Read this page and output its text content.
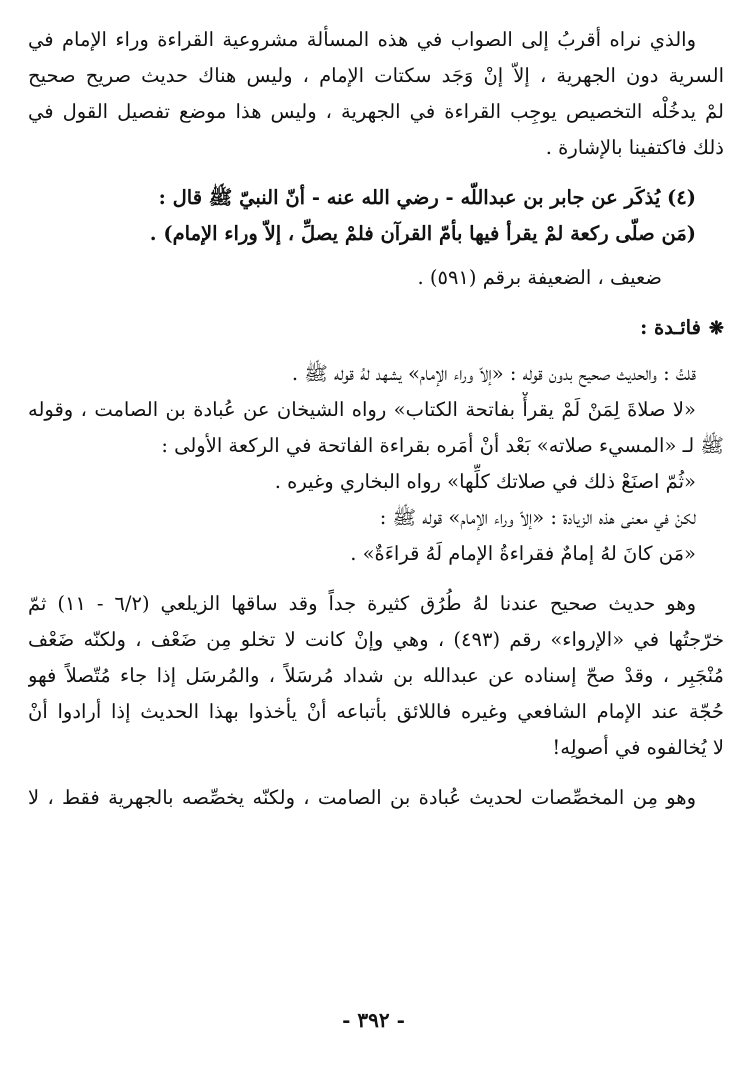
والذي نراه أقربُ إلى الصواب في هذه المسألة مشروعية القراءة وراء الإمام في
السرية دون الجهرية ، إلاّ إنْ وَجَد سكتات الإمام ، وليس هناك حديث صريح صحيح
لمْ يدخُلْه التخصيص يوجِب القراءة في الجهرية ، وليس هذا موضع تفصيل القول في
ذلك فاكتفينا بالإشارة .
(٤) يُذكَر عن جابر بن عبداللّه - رضي الله عنه - أنّ النبيّ ﷺ قال :
(مَن صلّى ركعة لمْ يقرأ فيها بأمّ القرآن فلمْ يصلِّ ، إلاّ وراء الإمام) .
ضعيف ، الضعيفة برقم (٥٩١) .
❋فائـدة :
قلتُ : والحديث صحيح بدون قوله : «إلاّ وراء الإمام» يشهد لهُ قوله ﷺ .
«لا صلاةَ لِمَنْ لَمْ يقرأْ بفاتحة الكتاب» رواه الشيخان عن عُبادة بن الصامت ، وقوله
ﷺ لـ «المسيء صلاته» بَعْد أنْ أمَره بقراءة الفاتحة في الركعة الأولى :
«ثُمّ اصنَعْ ذلك في صلاتك كلِّها» رواه البخاري وغيره .
لكنْ في معنى هذه الزيادة : «إلاّ وراء الإمام» قوله ﷺ :
«مَن كانَ لهُ إمامٌ فقراءةُ الإمام لَهُ قراءَةٌ» .
وهو حديث صحيح عندنا لهُ طُرُق كثيرة جداً وقد ساقها الزيلعي (٦/٢ - ١١) ثمّ
خرّجتُها في «الإرواء» رقم (٤٩٣) ، وهي وإنْ كانت لا تخلو مِن ضَعْف ، ولكنّه ضَعْف
مُنْجَبِر ، وقدْ صحّ إسناده عن عبدالله بن شداد مُرسَلاً ، والمُرسَل إذا جاء مُتّصلاً فهو
حُجّة عند الإمام الشافعي وغيره فاللائق بأتباعه أنْ يأخذوا بهذا الحديث إذا أرادوا أنْ
لا يُخالفوه في أصولِه!
وهو مِن المخصِّصات لحديث عُبادة بن الصامت ، ولكنّه يخصِّصه بالجهرية فقط ، لا
- ٣٩٢ -
